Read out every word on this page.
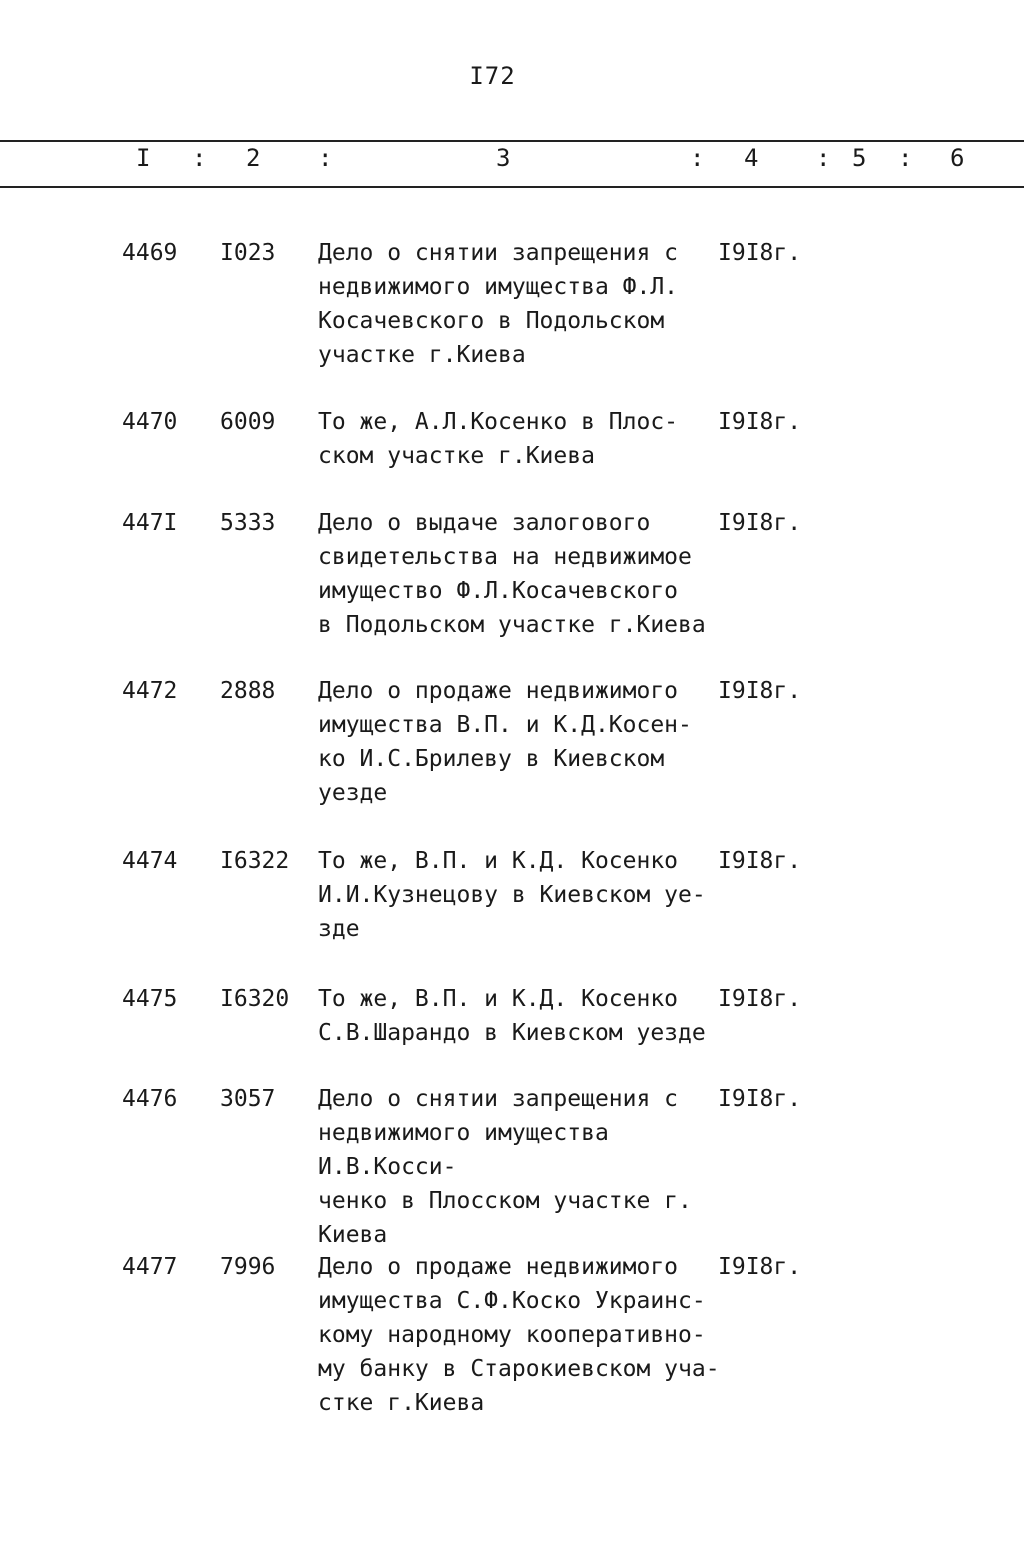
I72
I : 2 :	3	: 4 : 5 : 6
4469 I023 Дело о снятии запрещения с
недвижимого имущества Ф.Л.
Косачевского в Подольском
участке г.Киева
I9I8г.
4470 6009 То же, А.Л.Косенко в Плос-
ском участке г.Киева
I9I8г.
447I 5333 Дело о выдаче залогового
свидетельства на недвижимое
имущество Ф.Л.Косачевского
в Подольском участке г.Киева
I9I8г.
4472 2888 Дело о продаже недвижимого
имущества В.П. и К.Д.Косен-
ко И.С.Брилеву в Киевском
уезде
I9I8г.
4474 I6322 То же, В.П. и К.Д. Косенко
И.И.Кузнецову в Киевском уе-
зде
I9I8г.
4475 I6320 То же, В.П. и К.Д. Косенко
С.В.Шарандо в Киевском уезде
I9I8г.
4476 3057 Дело о снятии запрещения с
недвижимого имущества И.В.Косси-
ченко в Плосском участке г.
Киева
I9I8г.
4477 7996 Дело о продаже недвижимого
имущества С.Ф.Коско Украинс-
кому народному кооперативно-
му банку в Старокиевском уча-
стке г.Киева
I9I8г.
